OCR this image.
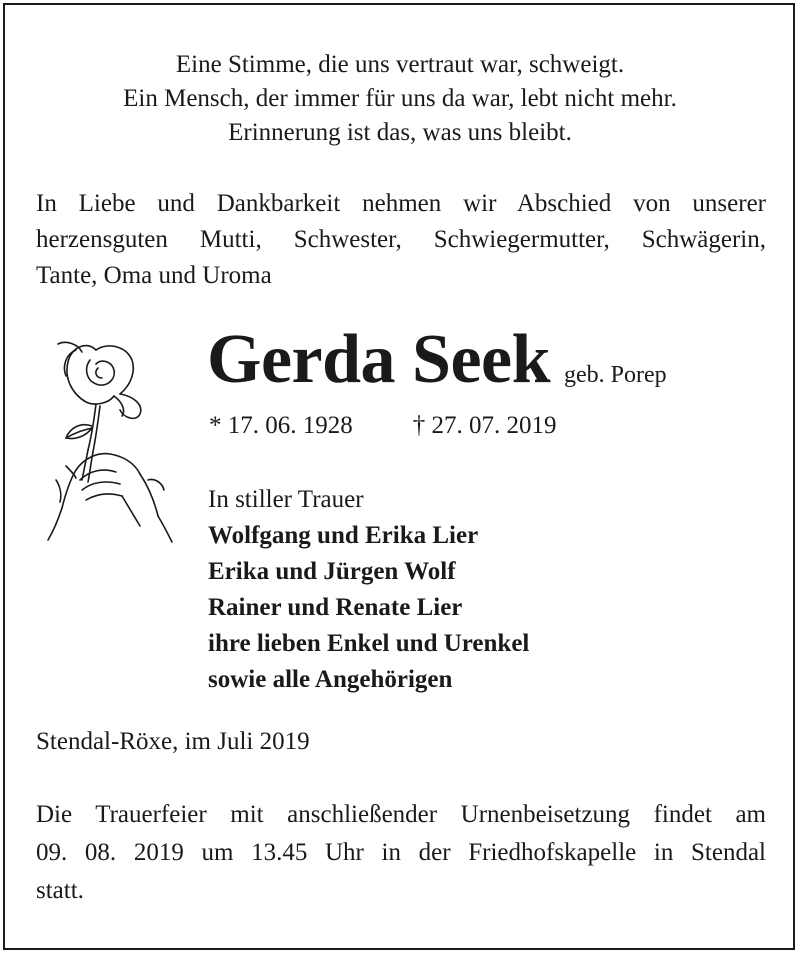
Eine Stimme, die uns vertraut war, schweigt.
Ein Mensch, der immer für uns da war, lebt nicht mehr.
Erinnerung ist das, was uns bleibt.
In Liebe und Dankbarkeit nehmen wir Abschied von unserer
herzensguten Mutti, Schwester, Schwiegermutter, Schwägerin,
Tante, Oma und Uroma
Gerda Seek geb. Porep
* 17. 06. 1928 † 27. 07. 2019
In stiller Trauer
Wolfgang und Erika Lier
Erika und Jürgen Wolf
Rainer und Renate Lier
ihre lieben Enkel und Urenkel
sowie alle Angehörigen
Stendal-Röxe, im Juli 2019
Die Trauerfeier mit anschließender Urnenbeisetzung findet am
09. 08. 2019 um 13.45 Uhr in der Friedhofskapelle in Stendal
statt.
